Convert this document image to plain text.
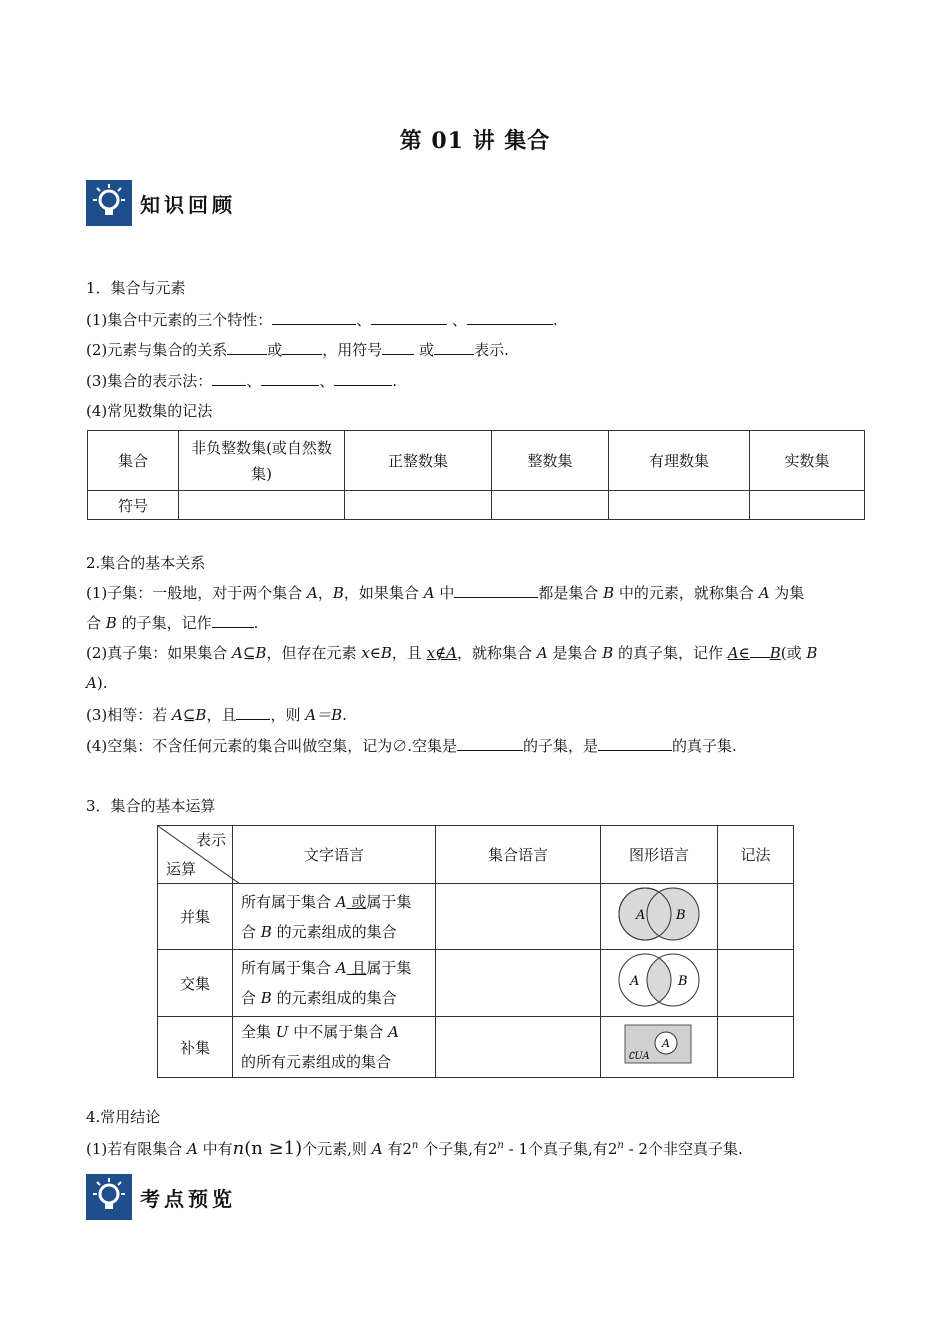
第 01 讲 集合
知识回顾
1．集合与元素
(1)集合中元素的三个特性：	、	、	.
(2)元素与集合的关系	或	，用符号 或	表示.
(3)集合的表示法： 、	、	.
(4)常见数集的记法
集合	非负整数集(或自然数集)	正整数集	整数集	有理数集	实数集
符号					
2.集合的基本关系
(1)子集：一般地，对于两个集合 A，B，如果集合 A 中	都是集合 B 中的元素，就称集合 A 为集
合 B 的子集，记作	.
(2)真子集：如果集合 A⊆B，但存在元素 x∈B，且 x∉A，就称集合 A 是集合 B 的真子集，记作 A∈ B(或 B
A).
(3)相等：若 A⊆B，且 ，则 A＝B.
(4)空集：不含任何元素的集合叫做空集，记为∅.空集是	的子集，是	的真子集.
3．集合的基本运算
表示
运算	文字语言	集合语言	图形语言	记法
并集	所有属于集合 A 或属于集
合 B 的元素组成的集合		A B	

交集	所有属于集合 A 且属于集
合 B 的元素组成的集合		A B	

补集	全集 U 中不属于集合 A
的所有元素组成的集合		A
∁UA	

4.常用结论
(1)若有限集合 A 中有n(n ≥1)个元素,则 A 有2$^n$ 个子集,有2$^n$ - 1个真子集,有2$^n$ - 2个非空真子集.
考点预览
